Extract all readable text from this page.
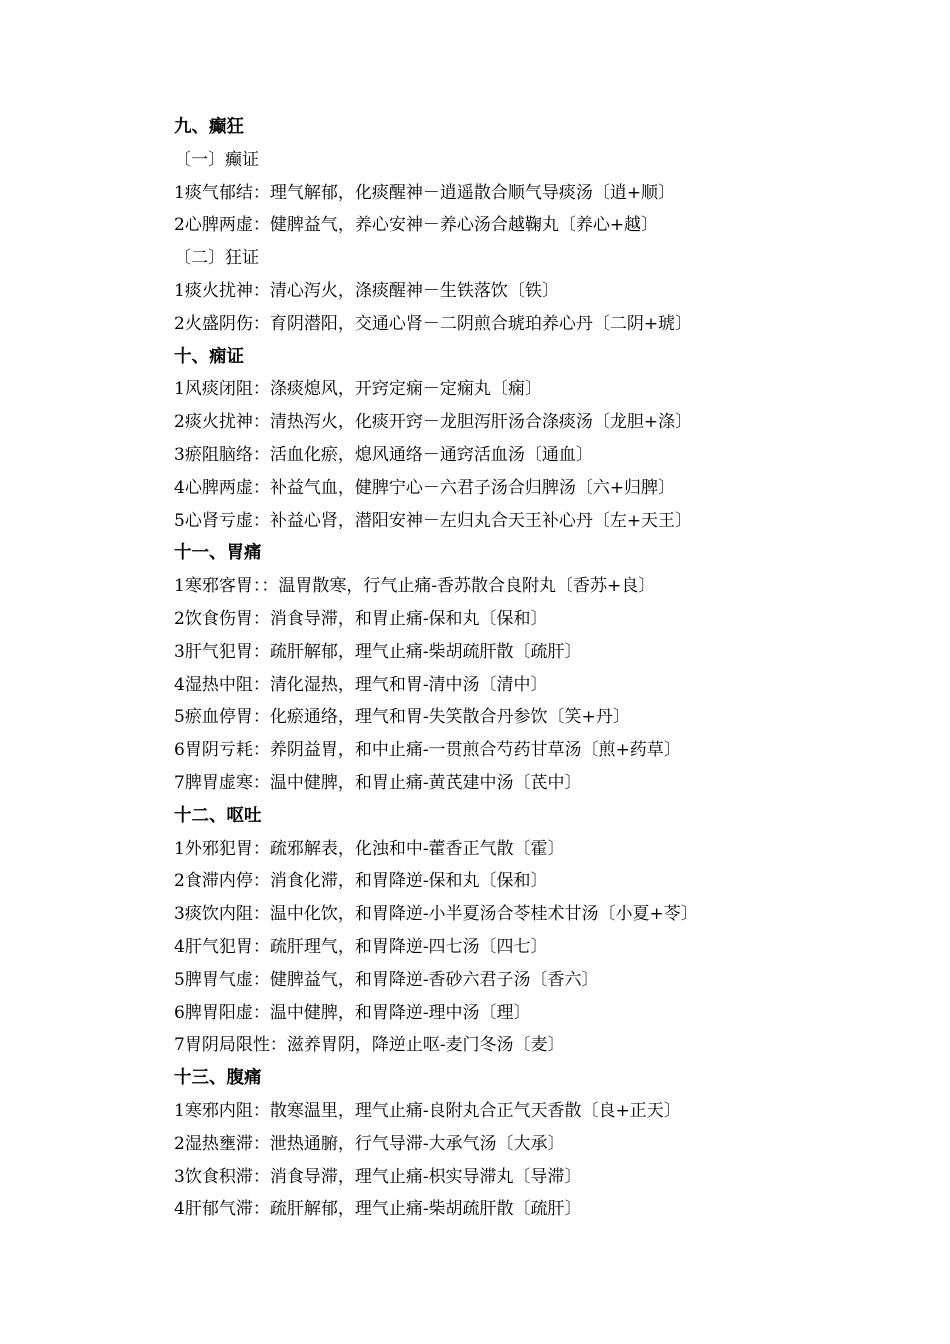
九、癫狂
〔一〕癫证
1痰气郁结：理气解郁，化痰醒神－逍遥散合顺气导痰汤〔逍+顺〕
2心脾两虚：健脾益气，养心安神－养心汤合越鞠丸〔养心+越〕
〔二〕狂证
1痰火扰神：清心泻火，涤痰醒神－生铁落饮〔铁〕
2火盛阴伤：育阴潜阳，交通心肾－二阴煎合琥珀养心丹〔二阴+琥〕
十、痫证
1风痰闭阻：涤痰熄风，开窍定痫－定痫丸〔痫〕
2痰火扰神：清热泻火，化痰开窍－龙胆泻肝汤合涤痰汤〔龙胆+涤〕
3瘀阻脑络：活血化瘀，熄风通络－通窍活血汤〔通血〕
4心脾两虚：补益气血，健脾宁心－六君子汤合归脾汤〔六+归脾〕
5心肾亏虚：补益心肾，潜阳安神－左归丸合天王补心丹〔左+天王〕
十一、胃痛
1寒邪客胃：：温胃散寒，行气止痛-香苏散合良附丸〔香苏+良〕
2饮食伤胃：消食导滞，和胃止痛-保和丸〔保和〕
3肝气犯胃：疏肝解郁，理气止痛-柴胡疏肝散〔疏肝〕
4湿热中阻：清化湿热，理气和胃-清中汤〔清中〕
5瘀血停胃：化瘀通络，理气和胃-失笑散合丹参饮〔笑+丹〕
6胃阴亏耗：养阴益胃，和中止痛-一贯煎合芍药甘草汤〔煎+药草〕
7脾胃虚寒：温中健脾，和胃止痛-黄芪建中汤〔芪中〕
十二、呕吐
1外邪犯胃：疏邪解表，化浊和中-藿香正气散〔霍〕
2食滞内停：消食化滞，和胃降逆-保和丸〔保和〕
3痰饮内阻：温中化饮，和胃降逆-小半夏汤合苓桂术甘汤〔小夏+苓〕
4肝气犯胃：疏肝理气，和胃降逆-四七汤〔四七〕
5脾胃气虚：健脾益气，和胃降逆-香砂六君子汤〔香六〕
6脾胃阳虚：温中健脾，和胃降逆-理中汤〔理〕
7胃阴局限性：滋养胃阴，降逆止呕-麦门冬汤〔麦〕
十三、腹痛
1寒邪内阻：散寒温里，理气止痛-良附丸合正气天香散〔良+正天〕
2湿热壅滞：泄热通腑，行气导滞-大承气汤〔大承〕
3饮食积滞：消食导滞，理气止痛-枳实导滞丸〔导滞〕
4肝郁气滞：疏肝解郁，理气止痛-柴胡疏肝散〔疏肝〕
